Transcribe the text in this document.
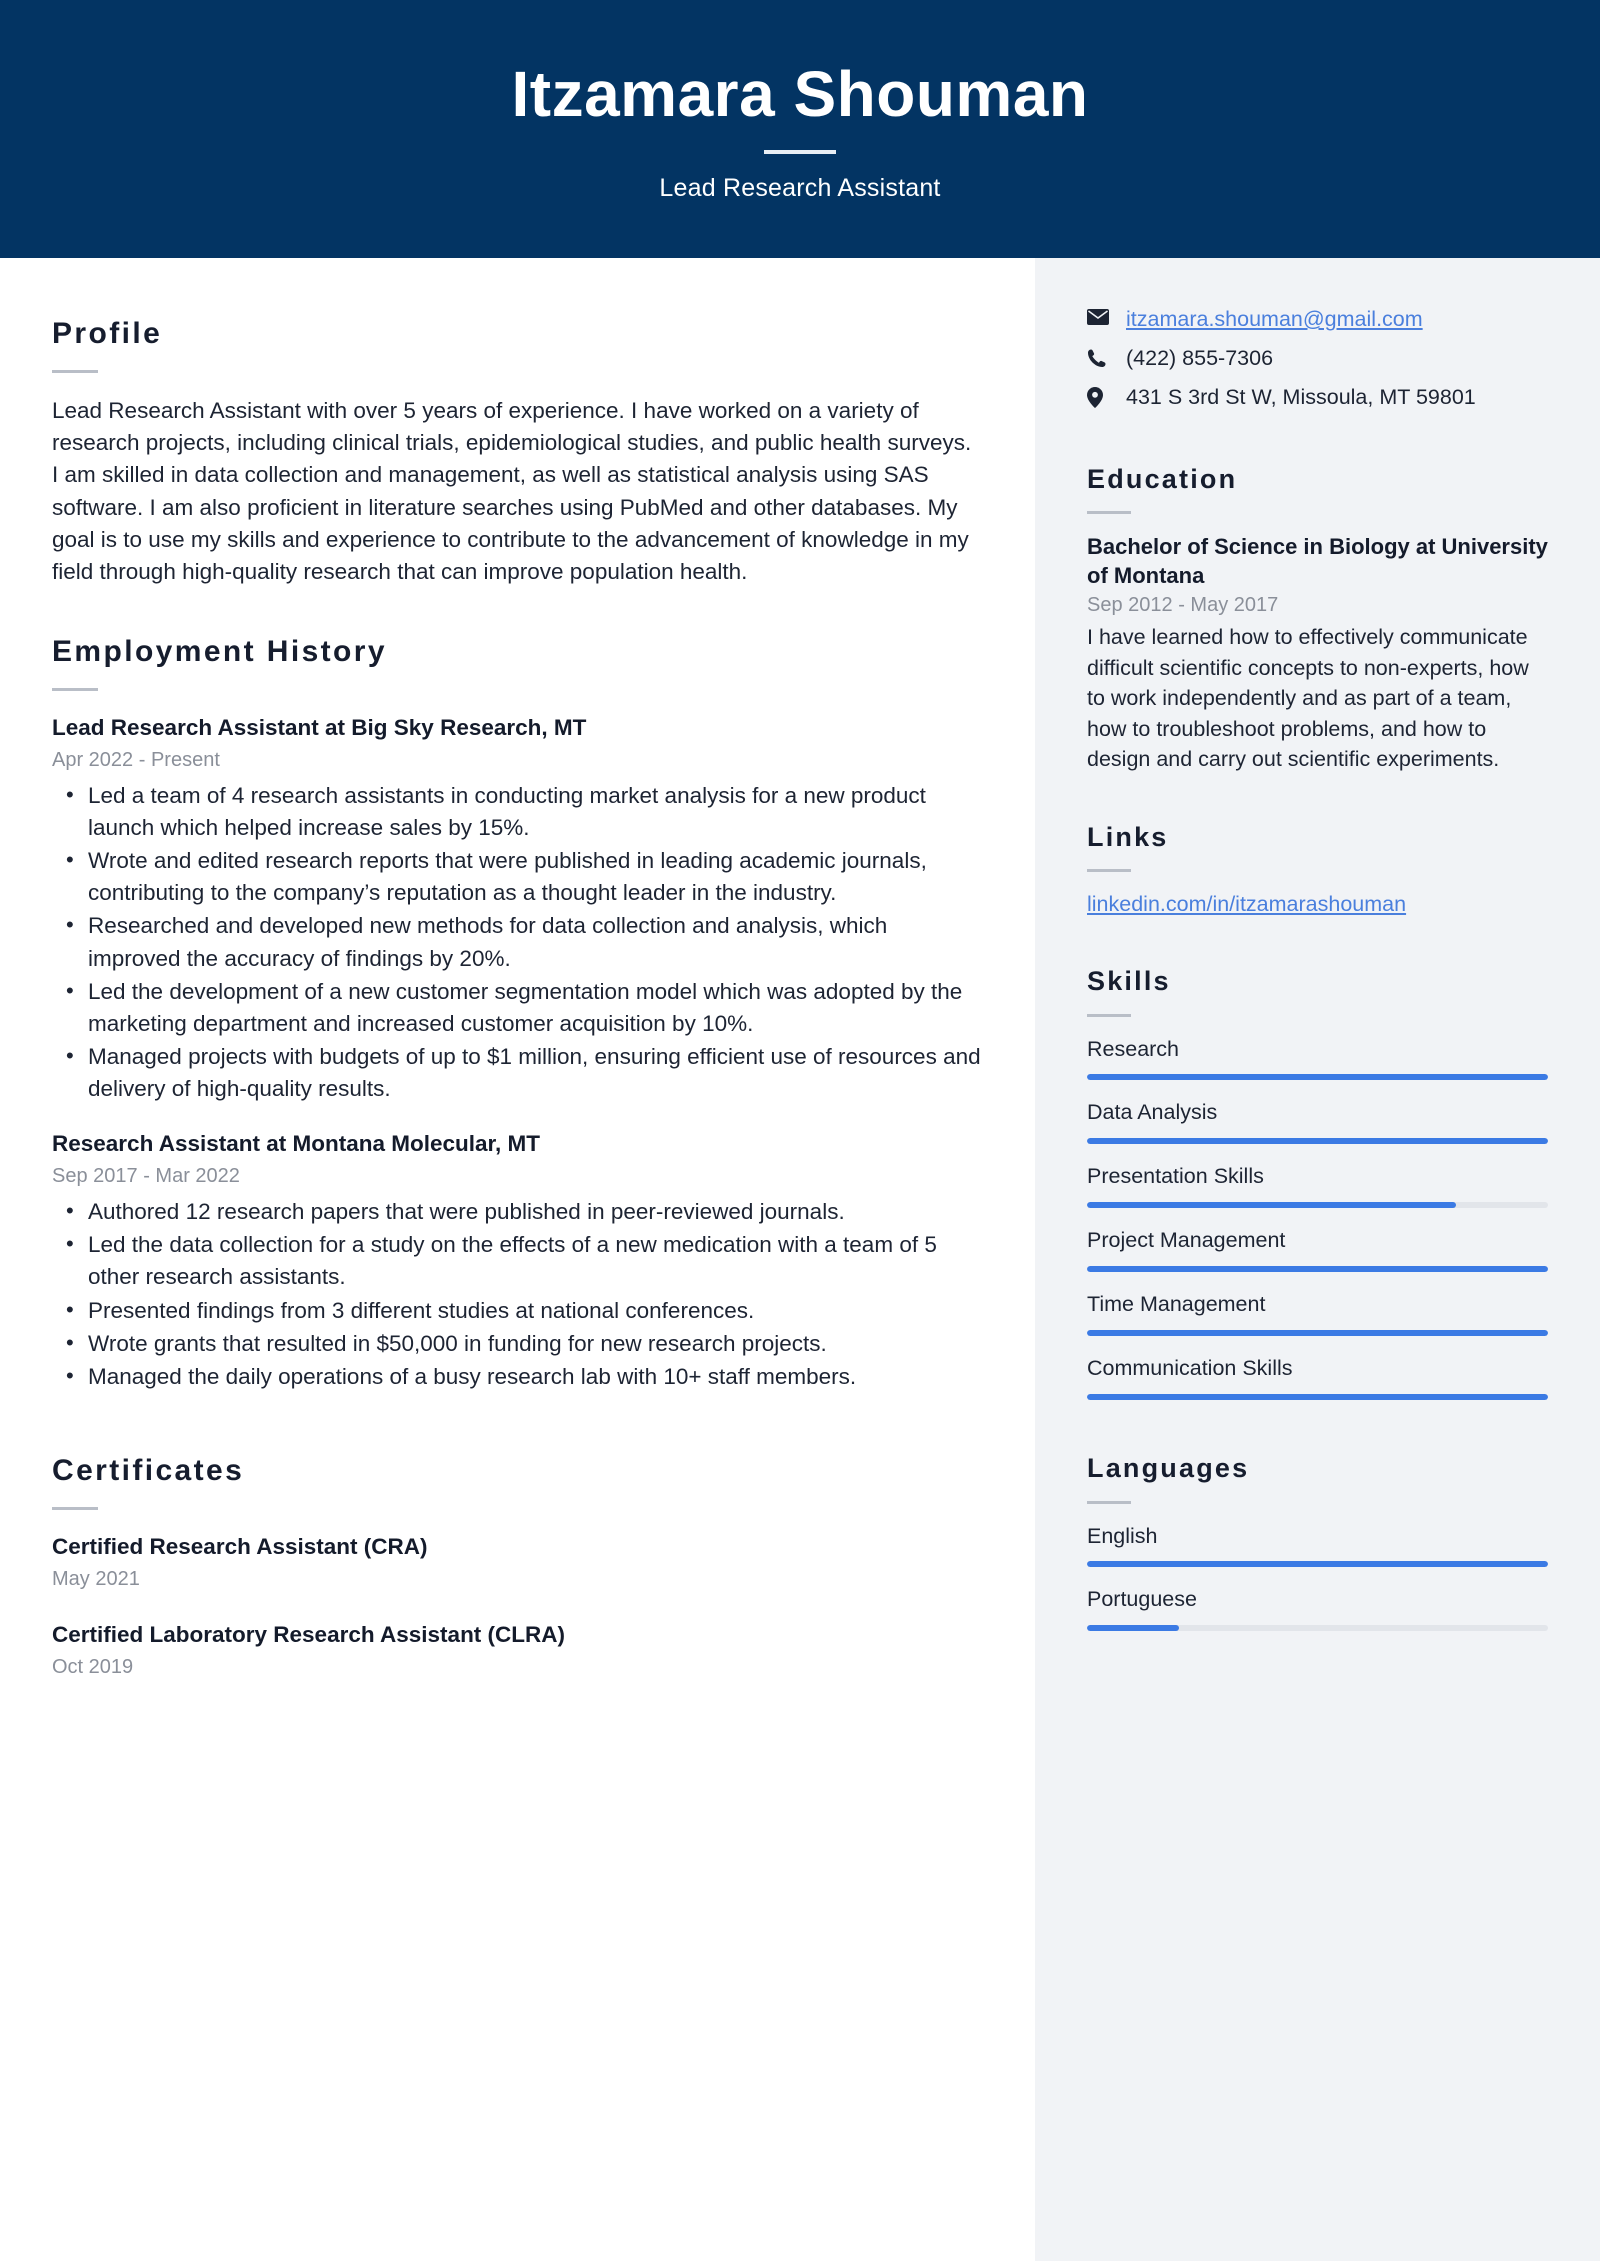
Itzamara Shouman
Lead Research Assistant
Profile
Lead Research Assistant with over 5 years of experience. I have worked on a variety of research projects, including clinical trials, epidemiological studies, and public health surveys. I am skilled in data collection and management, as well as statistical analysis using SAS software. I am also proficient in literature searches using PubMed and other databases. My goal is to use my skills and experience to contribute to the advancement of knowledge in my field through high-quality research that can improve population health.
Employment History
Lead Research Assistant at Big Sky Research, MT
Apr 2022 - Present
• Led a team of 4 research assistants in conducting market analysis for a new product launch which helped increase sales by 15%.
• Wrote and edited research reports that were published in leading academic journals, contributing to the company’s reputation as a thought leader in the industry.
• Researched and developed new methods for data collection and analysis, which improved the accuracy of findings by 20%.
• Led the development of a new customer segmentation model which was adopted by the marketing department and increased customer acquisition by 10%.
• Managed projects with budgets of up to $1 million, ensuring efficient use of resources and delivery of high-quality results.
Research Assistant at Montana Molecular, MT
Sep 2017 - Mar 2022
• Authored 12 research papers that were published in peer-reviewed journals.
• Led the data collection for a study on the effects of a new medication with a team of 5 other research assistants.
• Presented findings from 3 different studies at national conferences.
• Wrote grants that resulted in $50,000 in funding for new research projects.
• Managed the daily operations of a busy research lab with 10+ staff members.
Certificates
Certified Research Assistant (CRA)
May 2021
Certified Laboratory Research Assistant (CLRA)
Oct 2019
itzamara.shouman@gmail.com
(422) 855-7306
431 S 3rd St W, Missoula, MT 59801
Education
Bachelor of Science in Biology at University of Montana
Sep 2012 - May 2017
I have learned how to effectively communicate difficult scientific concepts to non-experts, how to work independently and as part of a team, how to troubleshoot problems, and how to design and carry out scientific experiments.
Links
linkedin.com/in/itzamarashouman
Skills
Research
Data Analysis
Presentation Skills
Project Management
Time Management
Communication Skills
Languages
English
Portuguese
